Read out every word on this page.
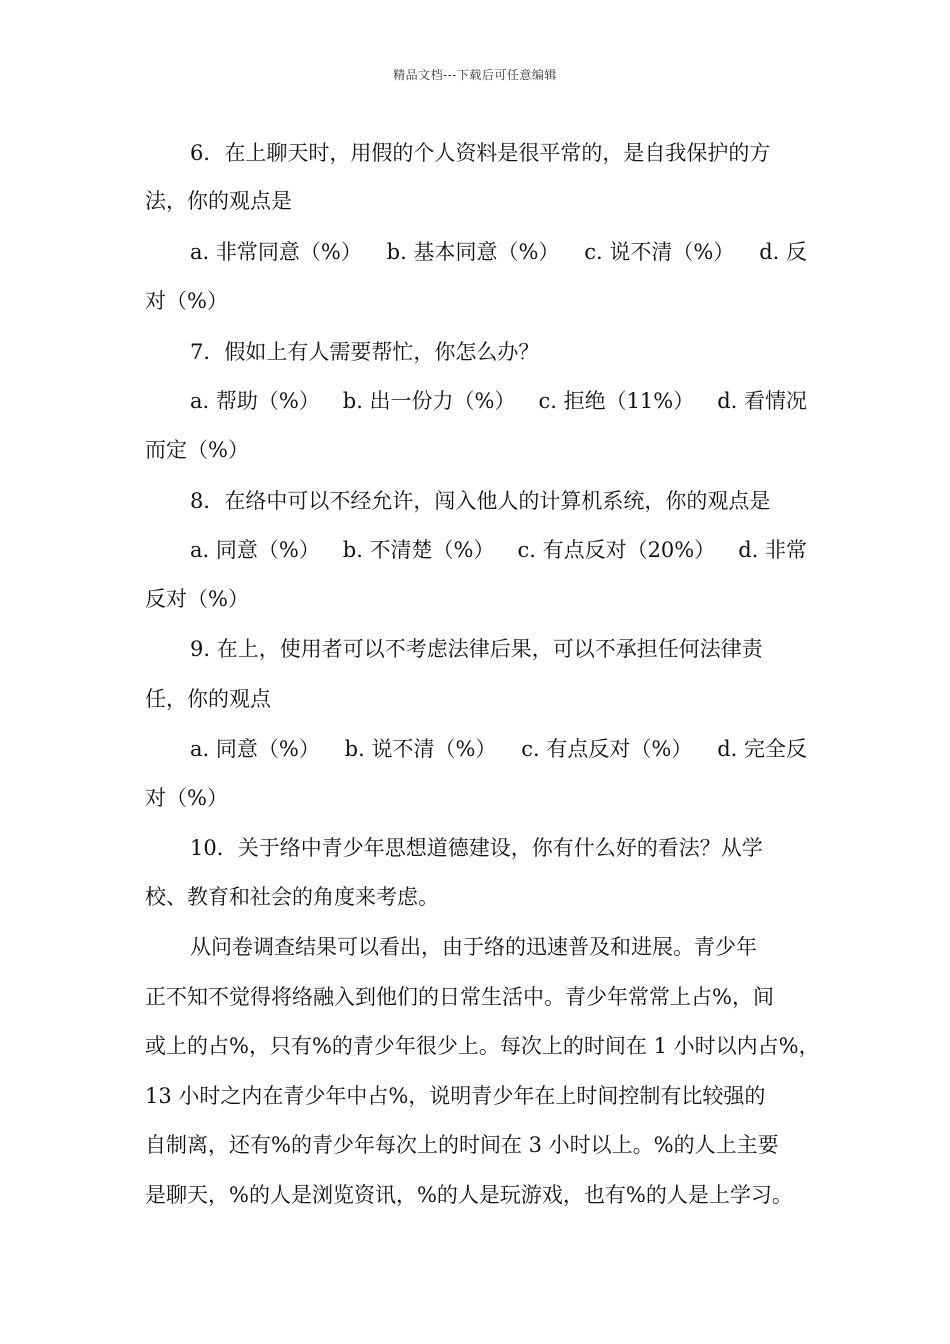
精品文档---下载后可任意编辑
6．在上聊天时，用假的个人资料是很平常的，是自我保护的方
法，你的观点是
a. 非常同意（%） b. 基本同意（%） c. 说不清（%） d. 反
对（%）
7．假如上有人需要帮忙，你怎么办？
a. 帮助（%） b. 出一份力（%） c. 拒绝（11%） d. 看情况
而定（%）
8．在络中可以不经允许，闯入他人的计算机系统，你的观点是
a. 同意（%） b. 不清楚（%） c. 有点反对（20%） d. 非常
反对（%）
9. 在上，使用者可以不考虑法律后果，可以不承担任何法律责
任，你的观点
a. 同意（%） b. 说不清（%） c. 有点反对（%） d. 完全反
对（%）
10．关于络中青少年思想道德建设，你有什么好的看法？从学
校、教育和社会的角度来考虑。
从问卷调查结果可以看出，由于络的迅速普及和进展。青少年
正不知不觉得将络融入到他们的日常生活中。青少年常常上占%，间
或上的占%，只有%的青少年很少上。每次上的时间在 1 小时以内占%，
13 小时之内在青少年中占%，说明青少年在上时间控制有比较强的
自制离，还有%的青少年每次上的时间在 3 小时以上。%的人上主要
是聊天，%的人是浏览资讯，%的人是玩游戏，也有%的人是上学习。
